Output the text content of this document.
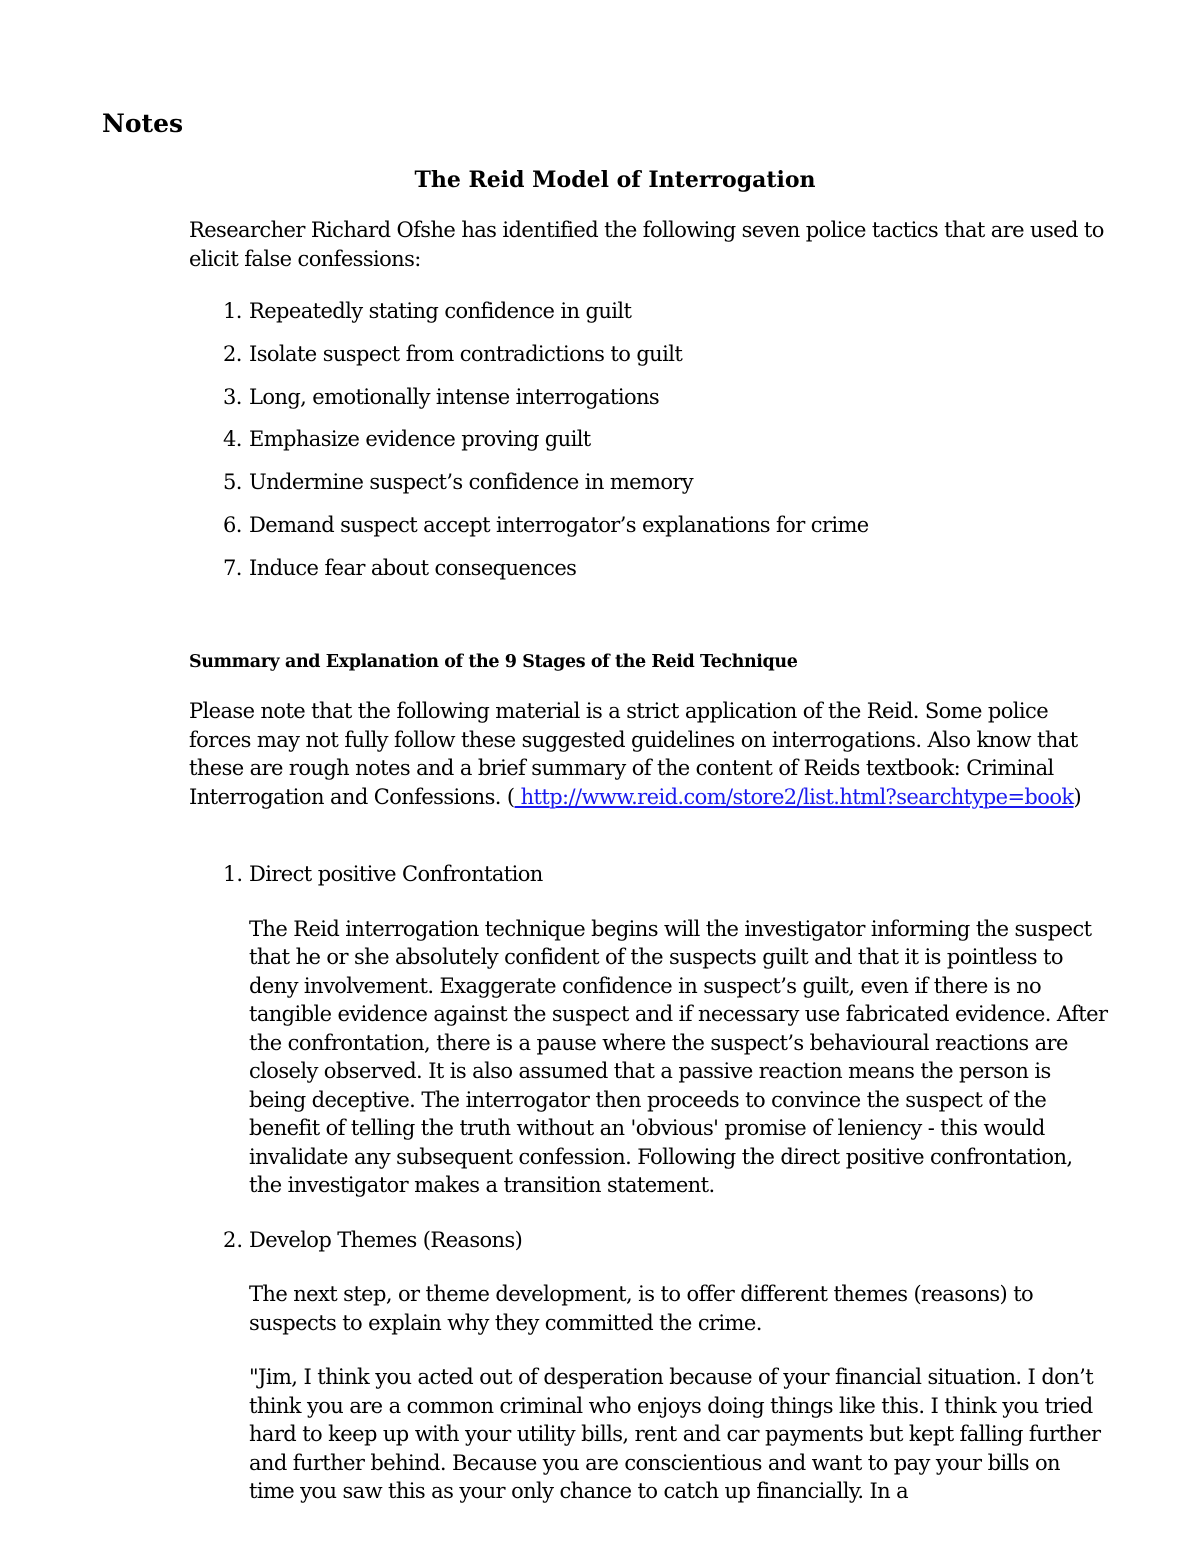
Notes
The Reid Model of Interrogation

Researcher Richard Ofshe has identified the following seven police tactics that are used to elicit false confessions:

1. Repeatedly stating confidence in guilt
2. Isolate suspect from contradictions to guilt
3. Long, emotionally intense interrogations
4. Emphasize evidence proving guilt
5. Undermine suspect’s confidence in memory
6. Demand suspect accept interrogator’s explanations for crime
7. Induce fear about consequences
Summary and Explanation of the 9 Stages of the Reid Technique

Please note that the following material is a strict application of the Reid. Some police forces may not fully follow these suggested guidelines on interrogations. Also know that these are rough notes and a brief summary of the content of Reids textbook: Criminal Interrogation and Confessions. ( http://www.reid.com/store2/list.html?searchtype=book)

1. Direct positive Confrontation

The Reid interrogation technique begins will the investigator informing the suspect that he or she absolutely confident of the suspects guilt and that it is pointless to deny involvement. Exaggerate confidence in suspect’s guilt, even if there is no tangible evidence against the suspect and if necessary use fabricated evidence. After the confrontation, there is a pause where the suspect’s behavioural reactions are closely observed. It is also assumed that a passive reaction means the person is being deceptive. The interrogator then proceeds to convince the suspect of the benefit of telling the truth without an 'obvious' promise of leniency - this would invalidate any subsequent confession. Following the direct positive confrontation, the investigator makes a transition statement.

2. Develop Themes (Reasons)

The next step, or theme development, is to offer different themes (reasons) to suspects to explain why they committed the crime.

"Jim, I think you acted out of desperation because of your financial situation. I don’t think you are a common criminal who enjoys doing things like this. I think you tried hard to keep up with your utility bills, rent and car payments but kept falling further and further behind. Because you are conscientious and want to pay your bills on time you saw this as your only chance to catch up financially. In a
